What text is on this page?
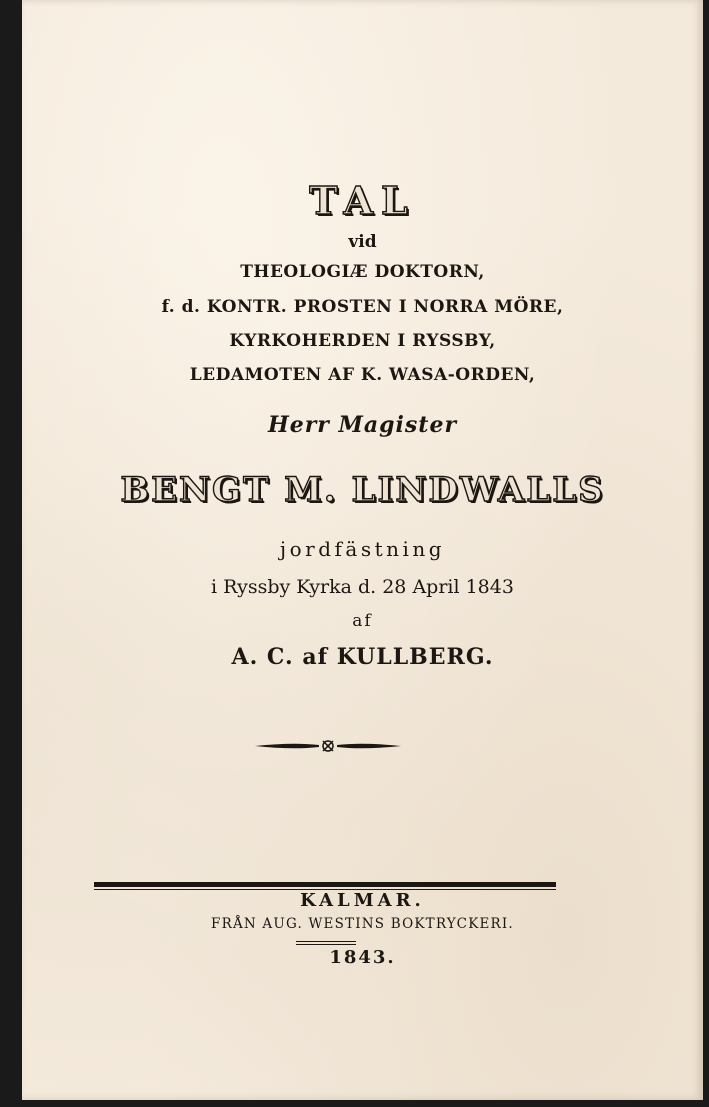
TAL
vid
THEOLOGIÆ DOKTORN,
f. d. KONTR. PROSTEN I NORRA MÖRE,
KYRKOHERDEN I RYSSBY,
LEDAMOTEN AF K. WASA-ORDEN,
Herr Magister
BENGT M. LINDWALLS
jordfästning
i Ryssby Kyrka d. 28 April 1843
af
A. C. af KULLBERG.
KALMAR.
FRÅN AUG. WESTINS BOKTRYCKERI.
1843.
